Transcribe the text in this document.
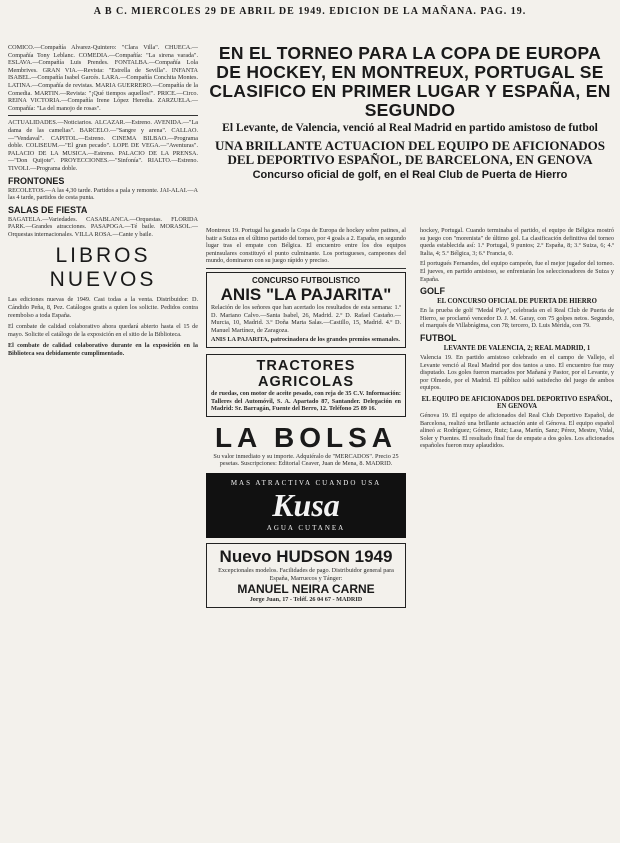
A B C. MIERCOLES 29 DE ABRIL DE 1949. EDICION DE LA MAÑANA. PAG. 19.
EN EL TORNEO PARA LA COPA DE EUROPA DE HOCKEY, EN MONTREUX, PORTUGAL SE CLASIFICO EN PRIMER LUGAR Y ESPAÑA, EN SEGUNDO
El Levante, de Valencia, venció al Real Madrid en partido amistoso de futbol
UNA BRILLANTE ACTUACION DEL EQUIPO DE AFICIONADOS DEL DEPORTIVO ESPAÑOL, DE BARCELONA, EN GENOVA
Concurso oficial de golf, en el Real Club de Puerta de Hierro
COMICO.—Compañía Alvarez-Quintero: "Clara Villa". CHUECA.—Compañía Tony Leblanc. COMEDIA.—Compañía: "La sirena varada". ESLAVA.—Compañía Luis Prendes. FONTALBA.—Compañía Lola Membrives. GRAN VIA.—Revista: "Estrella de Sevilla". INFANTA ISABEL.—Compañía Isabel Garcés. LARA.—Compañía Conchita Montes. LATINA.—Compañía de revistas. MARIA GUERRERO.—Compañía de la Comedia. MARTIN.—Revista: "¡Qué tiempos aquellos!". PRICE.—Circo. REINA VICTORIA.—Compañía Irene López Heredia. ZARZUELA.—Compañía: "La del manojo de rosas".
ACTUALIDADES.—Noticiarios. ALCAZAR.—Estreno. AVENIDA.—"La dama de las camelias". BARCELO.—"Sangre y arena". CALLAO.—"Vendaval". CAPITOL.—Estreno. CINEMA BILBAO.—Programa doble. COLISEUM.—"El gran pecado". LOPE DE VEGA.—"Aventuras". PALACIO DE LA MUSICA.—Estreno. PALACIO DE LA PRENSA.—"Don Quijote". PROYECCIONES.—"Sinfonía". RIALTO.—Estreno. TIVOLI.—Programa doble.
FRONTONES
RECOLETOS.—A las 4,30 tarde. Partidos a pala y remonte. JAI-ALAI.—A las 4 tarde, partidos de cesta punta.
SALAS DE FIESTA
BAGATELA.—Variedades. CASABLANCA.—Orquestas. FLORIDA PARK.—Grandes atracciones. PASAPOGA.—Té baile. MORASOL.—Orquestas internacionales. VILLA ROSA.—Cante y baile.
LIBROS NUEVOS
Las ediciones nuevas de 1949. Casi todas a la venta. Distribuidor: D. Cándido Peña, 8, Pez. Catálogos gratis a quien los solicite. Pedidos contra reembolso a toda España.
El combate de calidad colaborativo ahora quedará abierto hasta el 15 de mayo. Solicite el catálogo de la exposición en el sitio de la Biblioteca.
El combate de calidad colaborativo durante en la exposición en la Biblioteca sea debidamente cumplimentado.
Montreux 19. Portugal ha ganado la Copa de Europa de hockey sobre patines, al batir a Suiza en el último partido del torneo, por 4 goals a 2. España, en segundo lugar tras el empate con Bélgica. El encuentro entre los dos equipos peninsulares constituyó el punto culminante. Los portugueses, campeones del mundo, dominaron con su juego rápido y preciso.
CONCURSO FUTBOLISTICO
ANIS "LA PAJARITA"
Relación de los señores que han acertado los resultados de esta semana: 1.º D. Mariano Calvo.—Santa Isabel, 26, Madrid. 2.º D. Rafael Castaño.—Murcia, 10, Madrid. 3.º Doña Marta Salas.—Castillo, 15, Madrid. 4.º D. Manuel Martínez, de Zaragoza.
ANIS LA PAJARITA, patrocinadora de los grandes premios semanales.
TRACTORES AGRICOLAS
de ruedas, con motor de aceite pesado, con reja de 35 C.V. Información: Talleres del Automóvil, S. A. Apartado 87, Santander. Delegación en Madrid: Sr. Barragán, Fuente del Berro, 12. Teléfono 25 89 16.
LA BOLSA
Su valor inmediato y su importe. Adquiéralo de "MERCADOS". Precio 25 pesetas. Suscripciones: Editorial Ceaver, Juan de Mena, 8. MADRID.
MAS ATRACTIVA CUANDO USA
Kusa
AGUA CUTANEA
Nuevo HUDSON 1949
Excepcionales modelos. Facilidades de pago. Distribuidor general para España, Marruecos y Tánger:
MANUEL NEIRA CARNE
Jorge Juan, 17 - Teléf. 26 04 67 - MADRID
hockey, Portugal. Cuando terminaba el partido, el equipo de Bélgica mostró su juego con "morenista" de último gol. La clasificación definitiva del torneo queda establecida así: 1.º Portugal, 9 puntos; 2.º España, 8; 3.º Suiza, 6; 4.º Italia, 4; 5.º Bélgica, 3; 6.º Francia, 0.
El portugués Fernandes, del equipo campeón, fue el mejor jugador del torneo. El jueves, en partido amistoso, se enfrentarán los seleccionadores de Suiza y España.
GOLF
EL CONCURSO OFICIAL DE PUERTA DE HIERRO
En la prueba de golf "Medal Play", celebrada en el Real Club de Puerta de Hierro, se proclamó vencedor D. J. M. Garay, con 75 golpes netos. Segundo, el marqués de Villabrágima, con 78; tercero, D. Luis Mérida, con 79.
FUTBOL
LEVANTE DE VALENCIA, 2; REAL MADRID, 1
Valencia 19. En partido amistoso celebrado en el campo de Vallejo, el Levante venció al Real Madrid por dos tantos a uno. El encuentro fue muy disputado. Los goles fueron marcados por Mañaná y Pastor, por el Levante, y por Olmedo, por el Madrid. El público salió satisfecho del juego de ambos equipos.
EL EQUIPO DE AFICIONADOS DEL DEPORTIVO ESPAÑOL, EN GENOVA
Génova 19. El equipo de aficionados del Real Club Deportivo Español, de Barcelona, realizó una brillante actuación ante el Génova. El equipo español alineó a: Rodríguez; Gómez, Ruiz; Lasa, Martín, Sanz; Pérez, Mestre, Vidal, Soler y Fuentes. El resultado final fue de empate a dos goles. Los aficionados españoles fueron muy aplaudidos.
